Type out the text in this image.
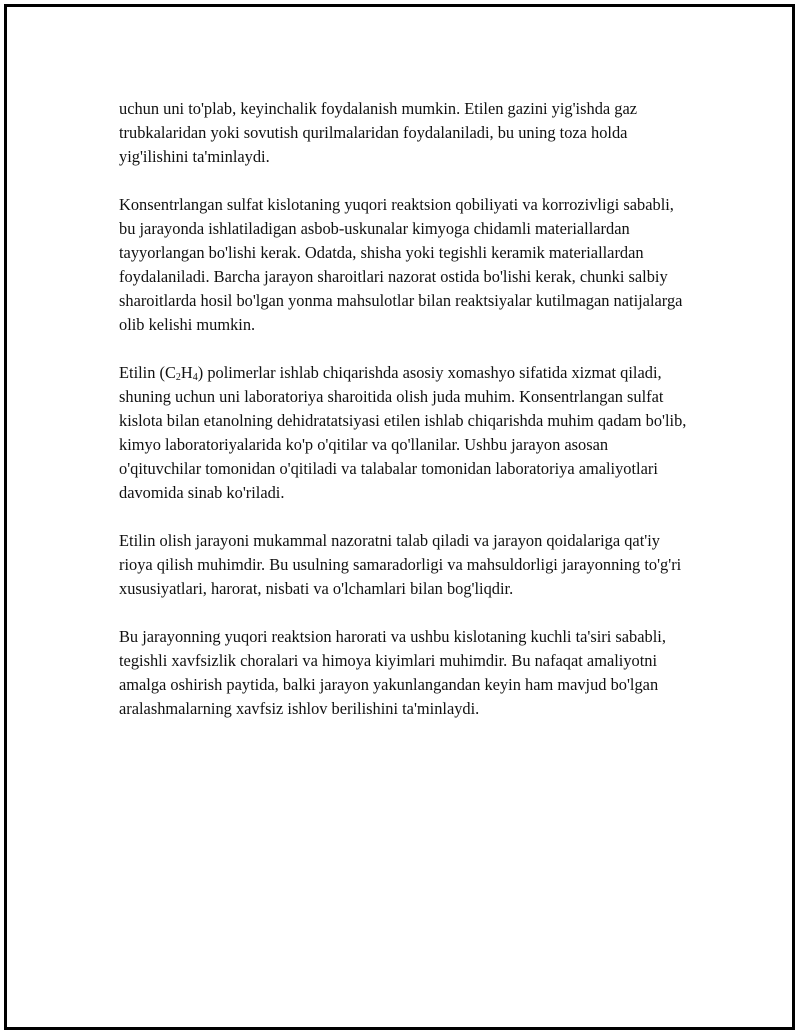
uchun uni to'plab, keyinchalik foydalanish mumkin. Etilen gazini yig'ishda gaz trubkalaridan yoki sovutish qurilmalaridan foydalaniladi, bu uning toza holda yig'ilishini ta'minlaydi.

Konsentrlangan sulfat kislotaning yuqori reaktsion qobiliyati va korrozivligi sababli, bu jarayonda ishlatiladigan asbob-uskunalar kimyoga chidamli materiallardan tayyorlangan bo'lishi kerak. Odatda, shisha yoki tegishli keramik materiallardan foydalaniladi. Barcha jarayon sharoitlari nazorat ostida bo'lishi kerak, chunki salbiy sharoitlarda hosil bo'lgan yonma mahsulotlar bilan reaktsiyalar kutilmagan natijalarga olib kelishi mumkin.

Etilin $(C_2H_4)$ polimerlar ishlab chiqarishda asosiy xomashyo sifatida xizmat qiladi, shuning uchun uni laboratoriya sharoitida olish juda muhim. Konsentrlangan sulfat kislota bilan etanolning dehidratatsiyasi etilen ishlab chiqarishda muhim qadam bo'lib, kimyo laboratoriyalarida ko'p o'qitilar va qo'llanilar. Ushbu jarayon asosan o'qituvchilar tomonidan o'qitiladi va talabalar tomonidan laboratoriya amaliyotlari davomida sinab ko'riladi.

Etilin olish jarayoni mukammal nazoratni talab qiladi va jarayon qoidalariga qat'iy rioya qilish muhimdir. Bu usulning samaradorligi va mahsuldorligi jarayonning to'g'ri xususiyatlari, harorat, nisbati va o'lchamlari bilan bog'liqdir.

Bu jarayonning yuqori reaktsion harorati va ushbu kislotaning kuchli ta'siri sababli, tegishli xavfsizlik choralari va himoya kiyimlari muhimdir. Bu nafaqat amaliyotni amalga oshirish paytida, balki jarayon yakunlangandan keyin ham mavjud bo'lgan aralashmalarning xavfsiz ishlov berilishini ta'minlaydi.
